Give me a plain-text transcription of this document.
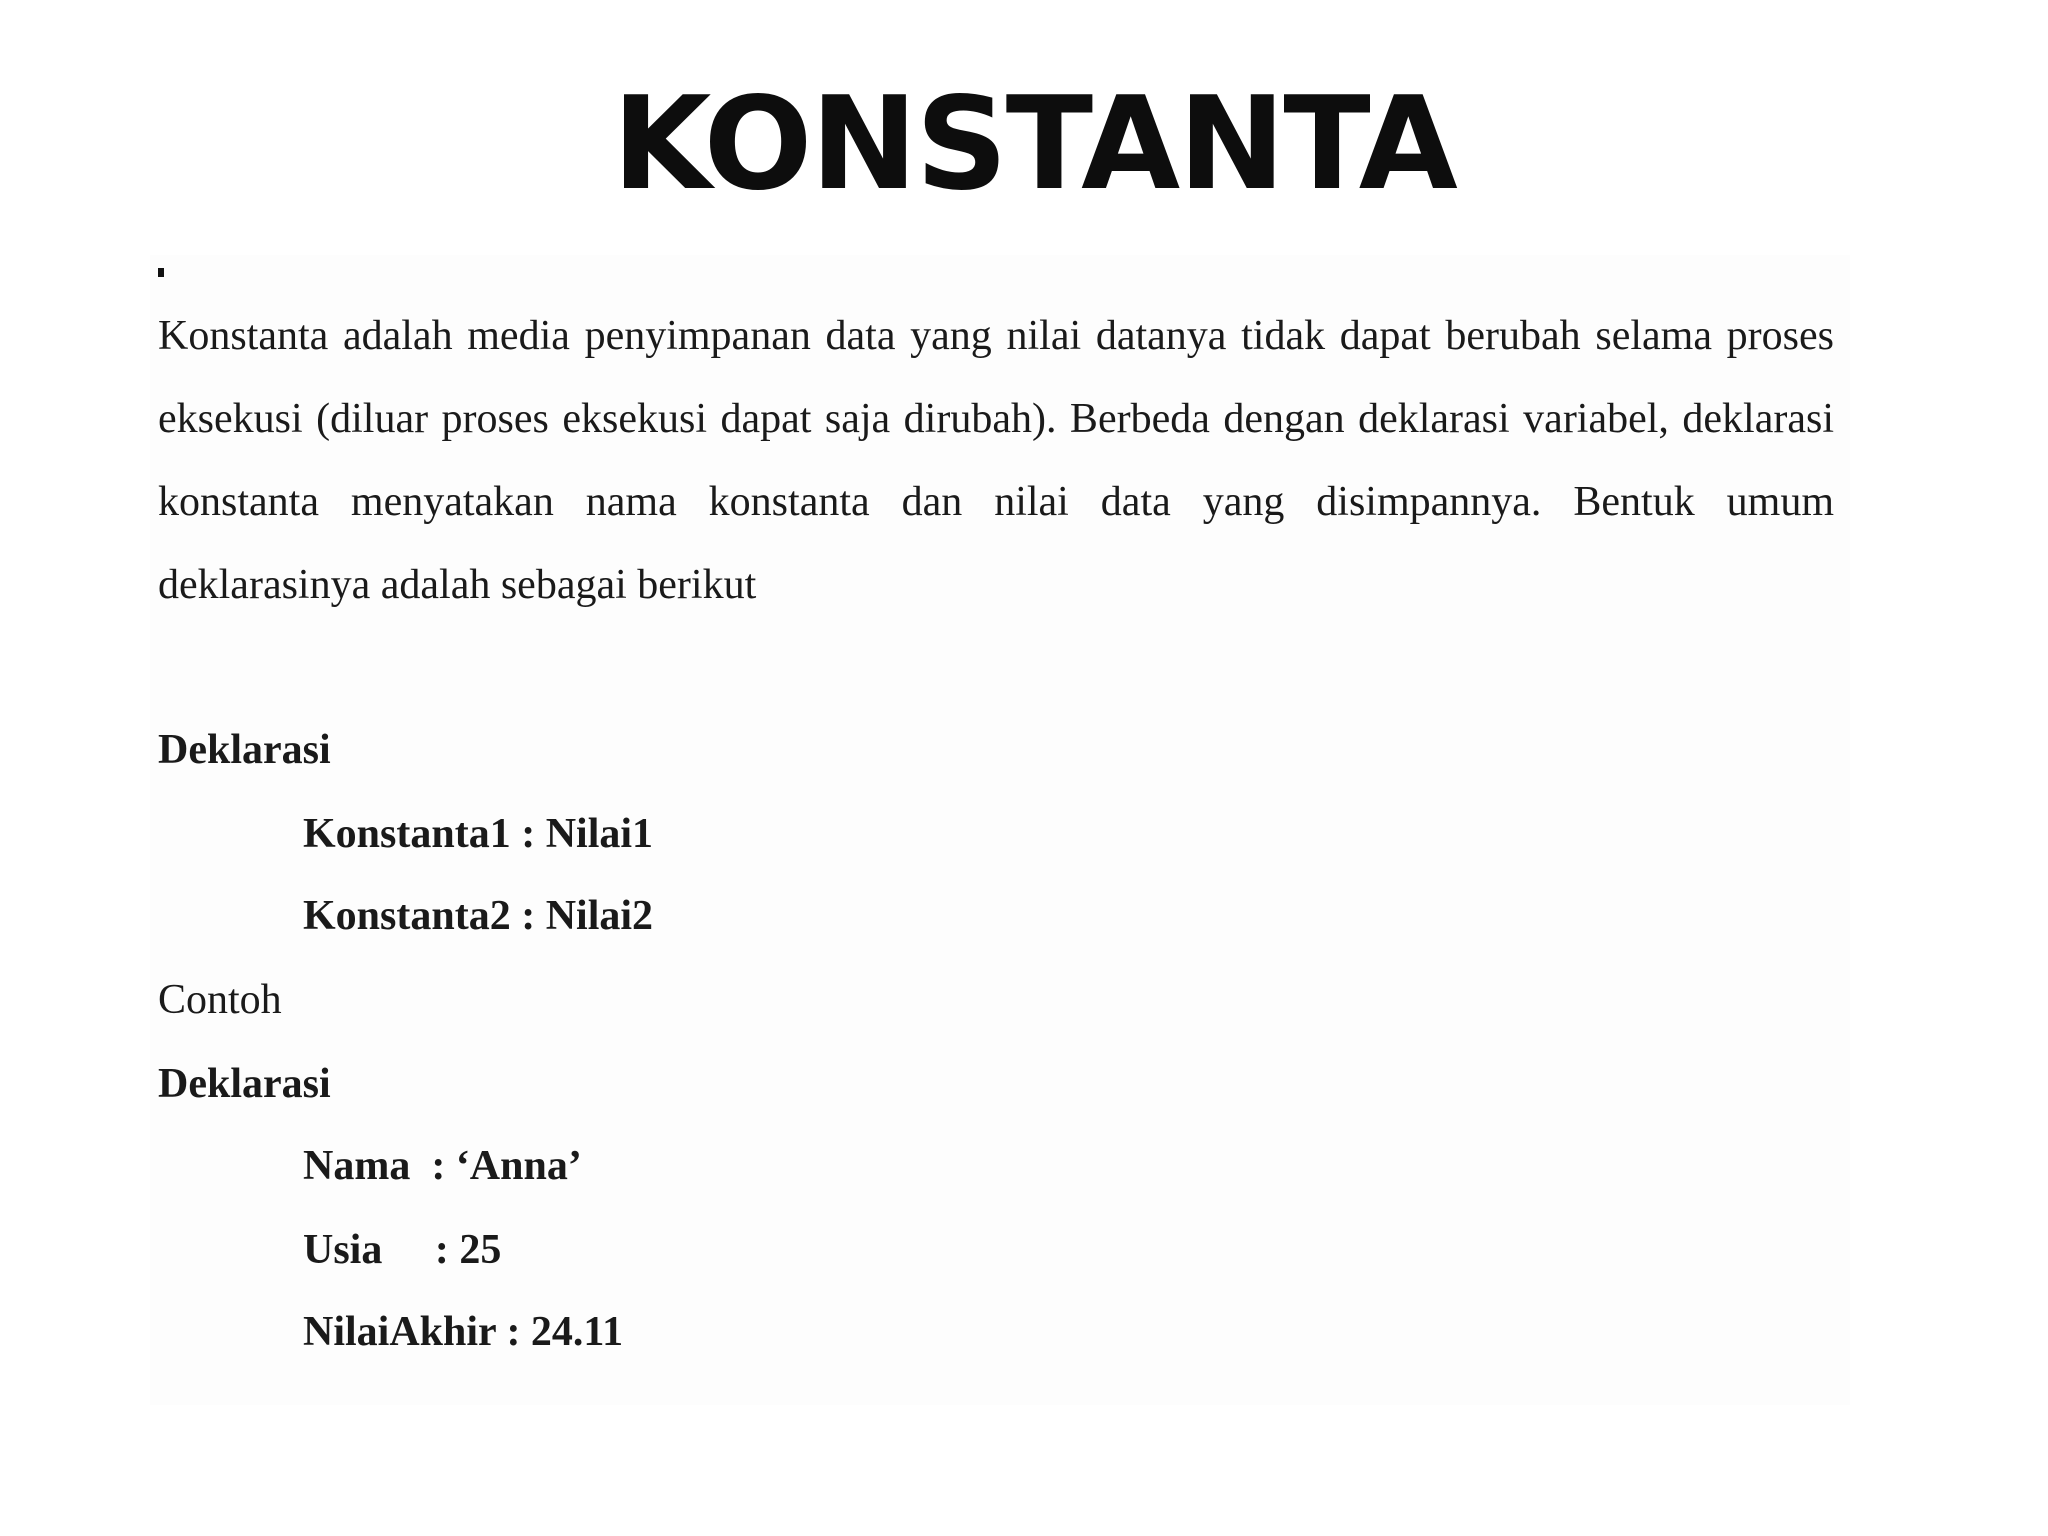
KONSTANTA

Konstanta adalah media penyimpanan data yang nilai datanya tidak dapat berubah selama proses eksekusi (diluar proses eksekusi dapat saja dirubah). Berbeda dengan deklarasi variabel, deklarasi konstanta menyatakan nama konstanta dan nilai data yang disimpannya. Bentuk umum deklarasinya adalah sebagai berikut

Deklarasi
Konstanta1 : Nilai1
Konstanta2 : Nilai2
Contoh
Deklarasi
Nama  : ‘Anna’
Usia     : 25
NilaiAkhir : 24.11
